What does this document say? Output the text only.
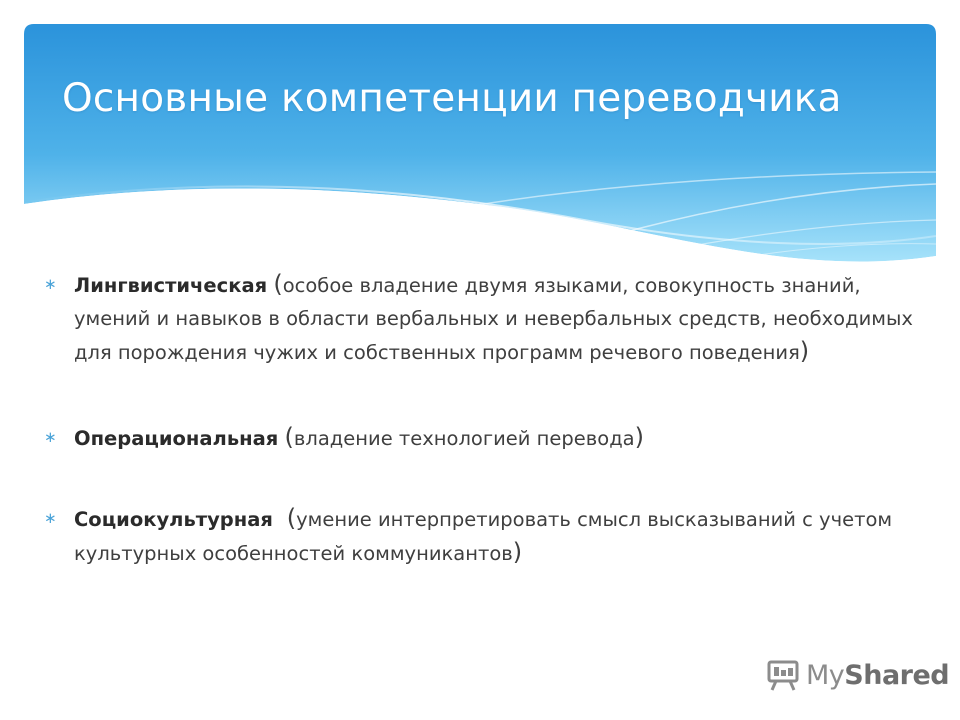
Основные компетенции переводчика
∗ Лингвистическая (особое владение двумя языками, совокупность знаний, умений и навыков в области вербальных и невербальных средств, необходимых для порождения чужих и собственных программ речевого поведения)
∗ Операциональная (владение технологией перевода)
∗ Социокультурная  (умение интерпретировать смысл высказываний с учетом культурных особенностей коммуникантов)
MyShared
